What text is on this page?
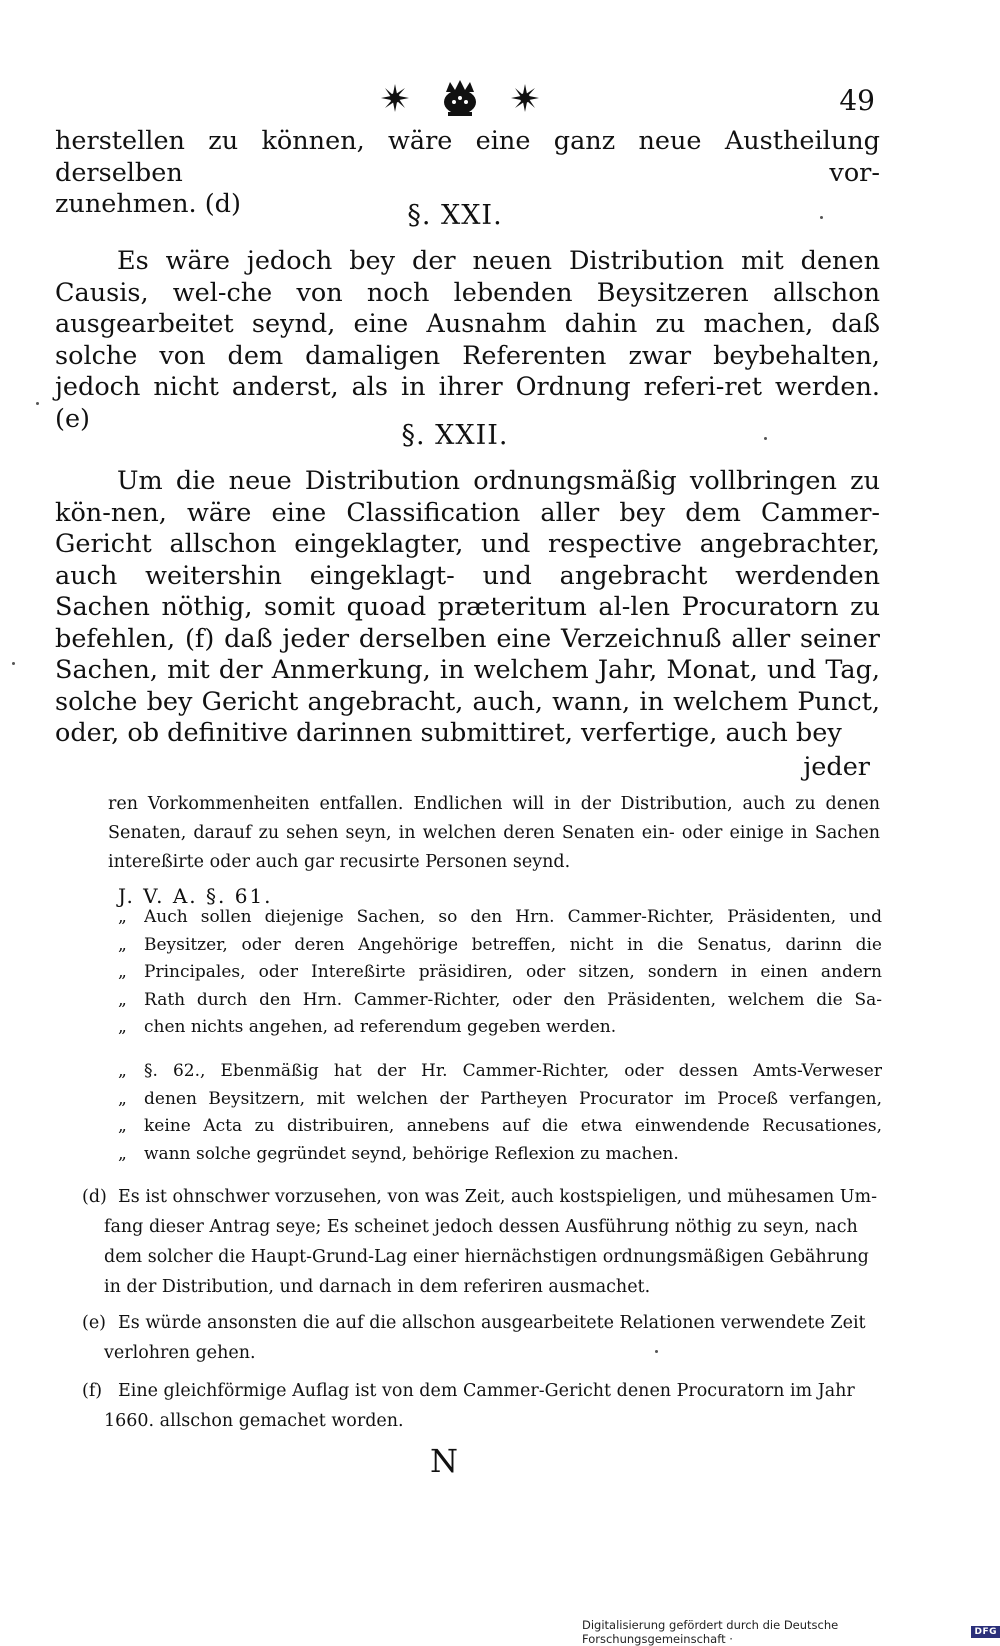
49

herstellen zu können, wäre eine ganz neue Austheilung derselben vor-

zunehmen. (d)	§. XXI.

Es wäre jedoch bey der neuen Distribution mit denen Causis, wel-che von noch lebenden Beysitzeren allschon ausgearbeitet seynd, eine Ausnahm dahin zu machen, daß solche von dem damaligen Referenten zwar beybehalten, jedoch nicht anderst, als in ihrer Ordnung referi-ret werden. (e)

§. XXII.

Um die neue Distribution ordnungsmäßig vollbringen zu kön-nen, wäre eine Classification aller bey dem Cammer-Gericht allschon eingeklagter, und respective angebrachter, auch weitershin eingeklagt- und angebracht werdenden Sachen nöthig, somit quoad præteritum al-len Procuratorn zu befehlen, (f) daß jeder derselben eine Verzeichnuß aller seiner Sachen, mit der Anmerkung, in welchem Jahr, Monat, und Tag, solche bey Gericht angebracht, auch, wann, in welchem Punct, oder, ob definitive darinnen submittiret, verfertige, auch bey

jeder
ren Vorkommenheiten entfallen. Endlichen will in der Distribution, auch zu denen Senaten, darauf zu sehen seyn, in welchen deren Senaten ein- oder einige in Sachen intereßirte oder auch gar recusirte Personen seynd.
J. V. A. §. 61.
„	Auch sollen diejenige Sachen, so den Hrn. Cammer-Richter, Präsidenten, und
„	Beysitzer, oder deren Angehörige betreffen, nicht in die Senatus, darinn die
„	Principales, oder Intereßirte präsidiren, oder sitzen, sondern in einen andern
„	Rath durch den Hrn. Cammer-Richter, oder den Präsidenten, welchem die Sa-
„	chen nichts angehen, ad referendum gegeben werden.
„	§. 62., Ebenmäßig hat der Hr. Cammer-Richter, oder dessen Amts-Verweser
„	denen Beysitzern, mit welchen der Partheyen Procurator im Proceß verfangen,
„	keine Acta zu distribuiren, annebens auf die etwa einwendende Recusationes,
„	wann solche gegründet seynd, behörige Reflexion zu machen.
(d) Es ist ohnschwer vorzusehen, von was Zeit, auch kostspieligen, und mühesamen Um-
fang dieser Antrag seye; Es scheinet jedoch dessen Ausführung nöthig zu seyn, nach
dem solcher die Haupt-Grund-Lag einer hiernächstigen ordnungsmäßigen Gebährung
in der Distribution, und darnach in dem referiren ausmachet.
(e) Es würde ansonsten die auf die allschon ausgearbeitete Relationen verwendete Zeit
verlohren gehen.
(f) Eine gleichförmige Auflag ist von dem Cammer-Gericht denen Procuratorn im Jahr
1660. allschon gemachet worden.
N
Digitalisierung gefördert durch die Deutsche Forschungsgemeinschaft ·	DFG
